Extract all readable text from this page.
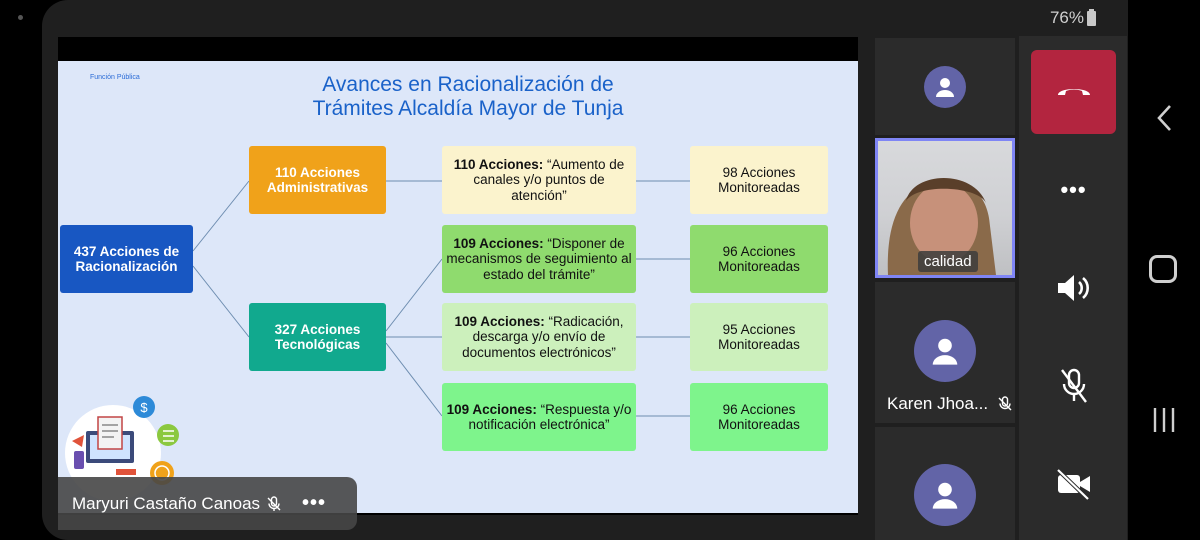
76%
Función Pública	Avances en Racionalización de
Trámites Alcaldía Mayor de Tunja
437 Acciones de Racionalización
110 Acciones Administrativas
327 Acciones Tecnológicas
110 Acciones: “Aumento de canales y/o puntos de atención”
109 Acciones: “Disponer de mecanismos de seguimiento al estado del trámite”
109 Acciones: “Radicación, descarga y/o envío de documentos electrónicos”
109 Acciones: “Respuesta y/o notificación electrónica”
98 Acciones Monitoreadas
96 Acciones Monitoreadas
95 Acciones Monitoreadas
96 Acciones Monitoreadas
$
Maryuri Castaño Canoas •••
calidad
Karen Jhoa...
•••
